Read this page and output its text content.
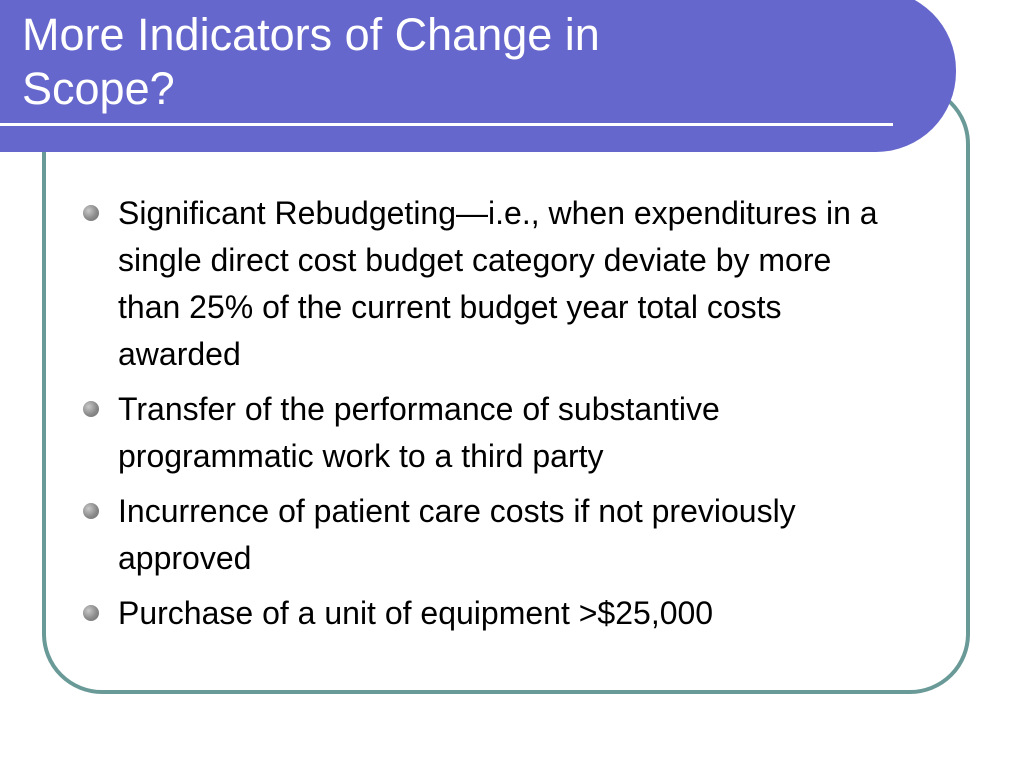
More Indicators of Change in
Scope?
Significant Rebudgeting—i.e., when expenditures in a single direct cost budget category deviate by more than 25% of the current budget year total costs awarded
Transfer of the performance of substantive programmatic work to a third party
Incurrence of patient care costs if not previously approved
Purchase of a unit of equipment >$25,000
